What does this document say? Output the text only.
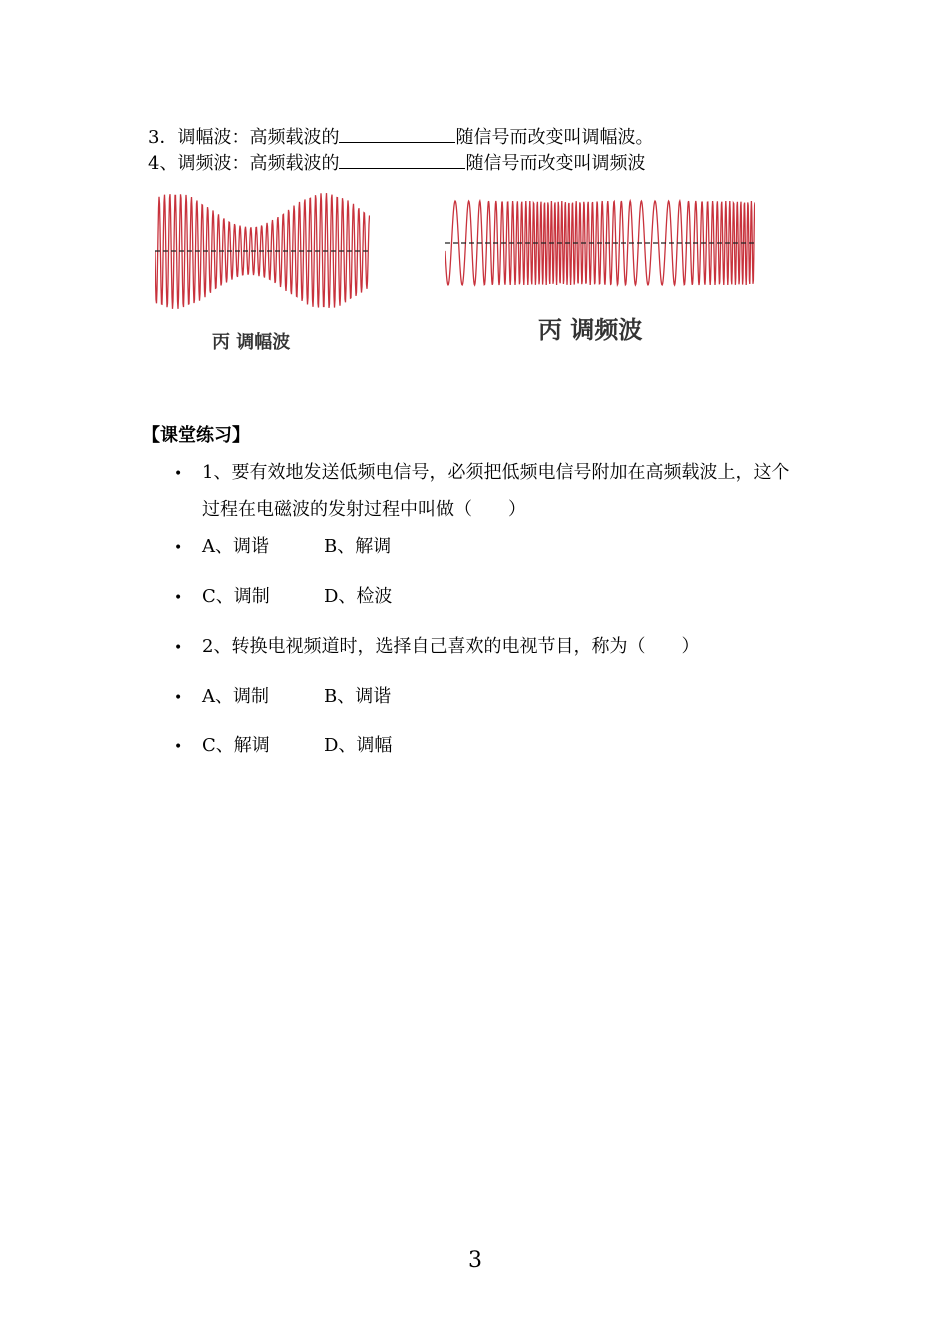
3．调幅波：高频载波的	随信号而改变叫调幅波。
4、调频波：高频载波的	随信号而改变叫调频波
丙 调幅波	丙 调频波
【课堂练习】
• 1、要有效地发送低频电信号，必须把低频电信号附加在高频载波上，这个
过程在电磁波的发射过程中叫做（　　）
• A、调谐	B、解调
• C、调制	D、检波
• 2、转换电视频道时，选择自己喜欢的电视节目，称为（　　）
• A、调制	B、调谐
• C、解调	D、调幅
3
